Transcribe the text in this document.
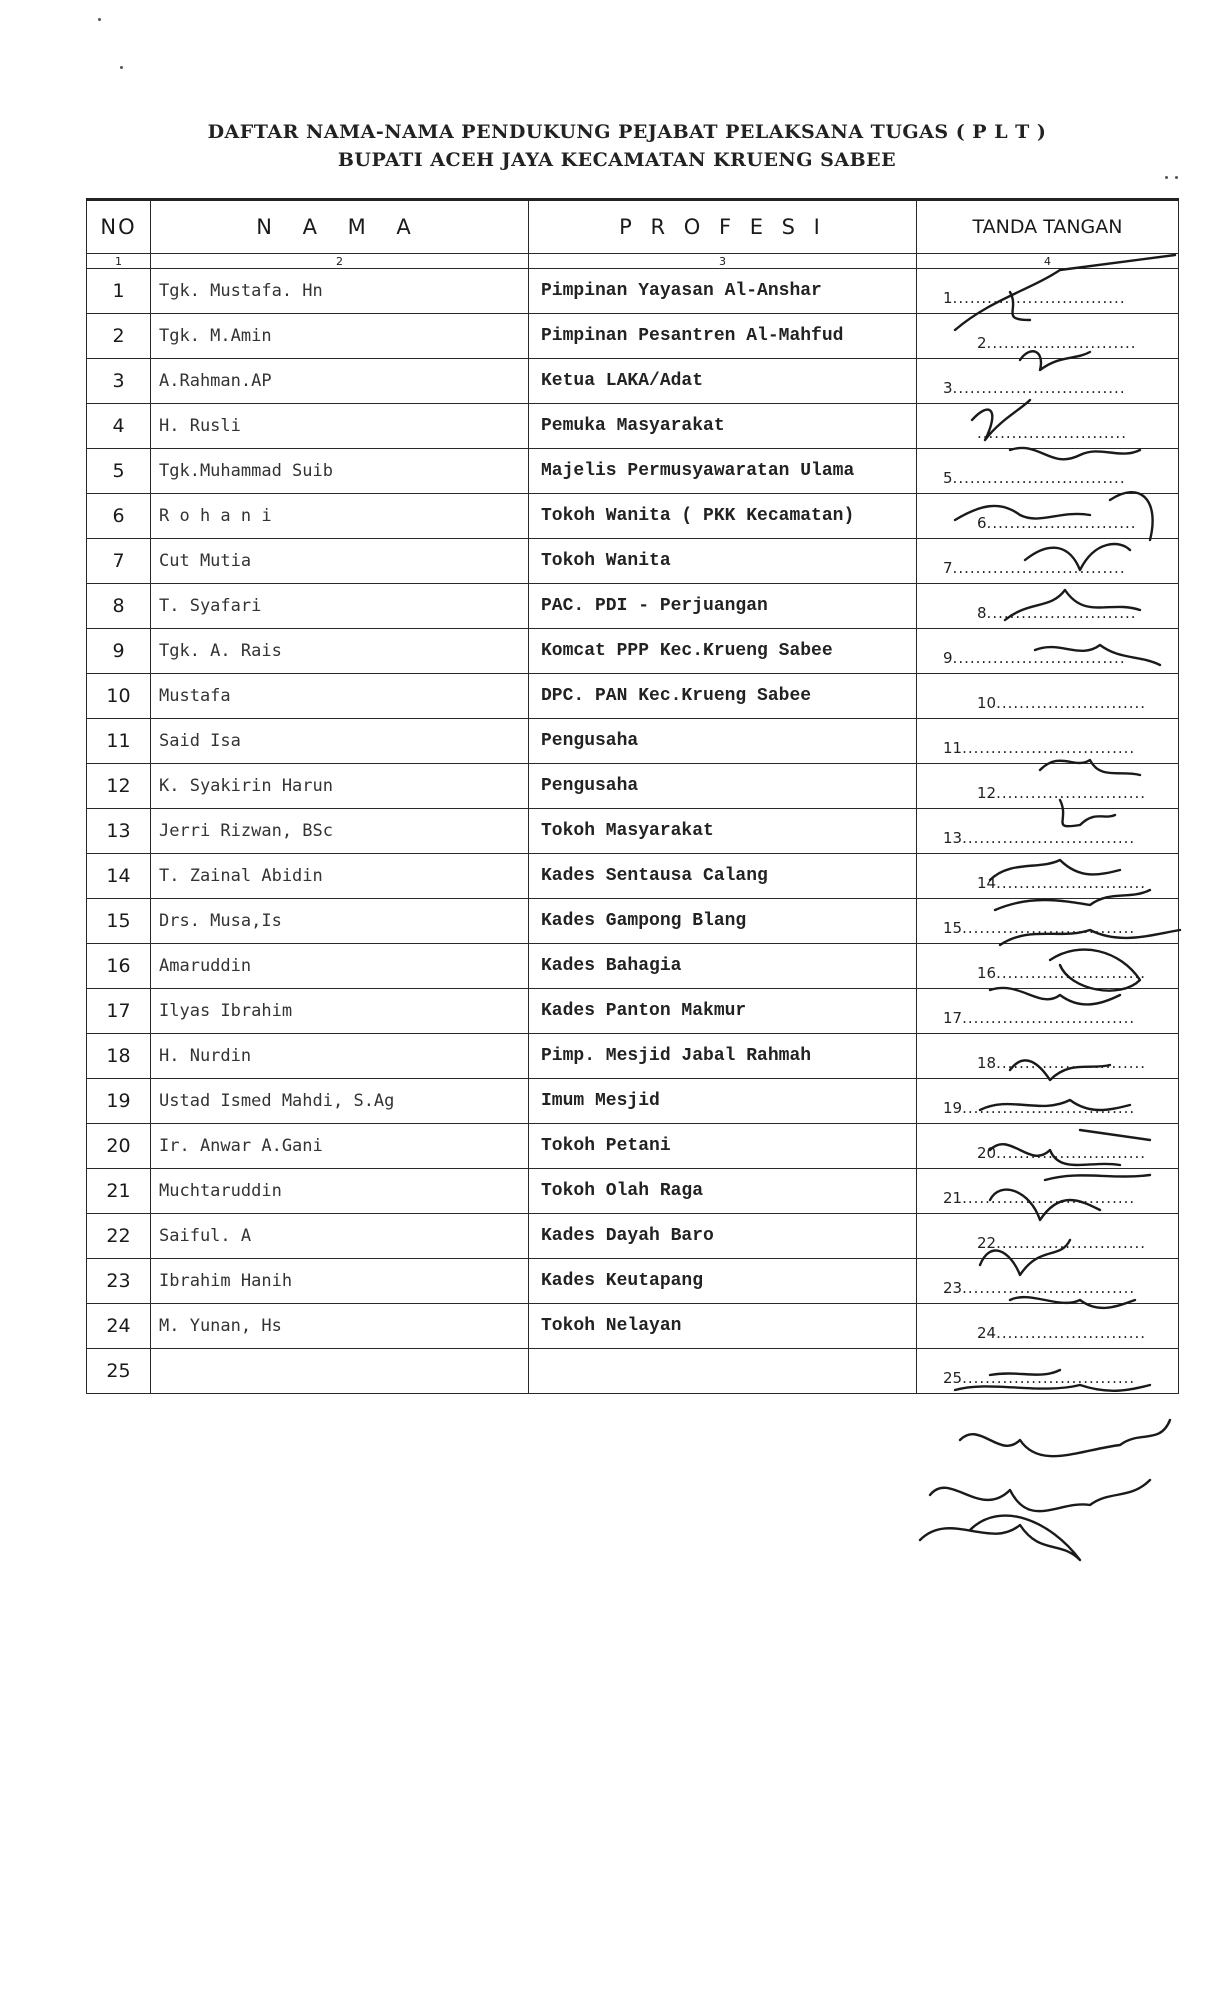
DAFTAR NAMA-NAMA PENDUKUNG PEJABAT PELAKSANA TUGAS ( P L T )
BUPATI ACEH JAYA KECAMATAN KRUENG SABEE
NO	N A M A	P R O F E S I	TANDA TANGAN
1	2	3	4
1	Tgk. Mustafa. Hn	Pimpinan Yayasan Al-Anshar	1..............................

2	Tgk. M.Amin	Pimpinan Pesantren Al-Mahfud	2..........................

3	A.Rahman.AP	Ketua LAKA/Adat	3..............................

4	H. Rusli	Pemuka Masyarakat	..........................

5	Tgk.Muhammad Suib	Majelis Permusyawaratan Ulama	5..............................

6	R o h a n i	Tokoh Wanita ( PKK Kecamatan)	6..........................

7	Cut Mutia	Tokoh Wanita	7..............................

8	T. Syafari	PAC. PDI - Perjuangan	8..........................

9	Tgk. A. Rais	Komcat PPP Kec.Krueng Sabee	9..............................

10	Mustafa	DPC. PAN Kec.Krueng Sabee	10..........................

11	Said Isa	Pengusaha	11..............................

12	K. Syakirin Harun	Pengusaha	12..........................

13	Jerri Rizwan, BSc	Tokoh Masyarakat	13..............................

14	T. Zainal Abidin	Kades Sentausa Calang	14..........................

15	Drs. Musa,Is	Kades Gampong Blang	15..............................

16	Amaruddin	Kades Bahagia	16..........................

17	Ilyas Ibrahim	Kades Panton Makmur	17..............................

18	H. Nurdin	Pimp. Mesjid Jabal Rahmah	18..........................

19	Ustad Ismed Mahdi, S.Ag	Imum Mesjid	19..............................

20	Ir. Anwar A.Gani	Tokoh Petani	20..........................

21	Muchtaruddin	Tokoh Olah Raga	21..............................

22	Saiful. A	Kades Dayah Baro	22..........................

23	Ibrahim Hanih	Kades Keutapang	23..............................

24	M. Yunan, Hs	Tokoh Nelayan	24..........................

25			25..............................
